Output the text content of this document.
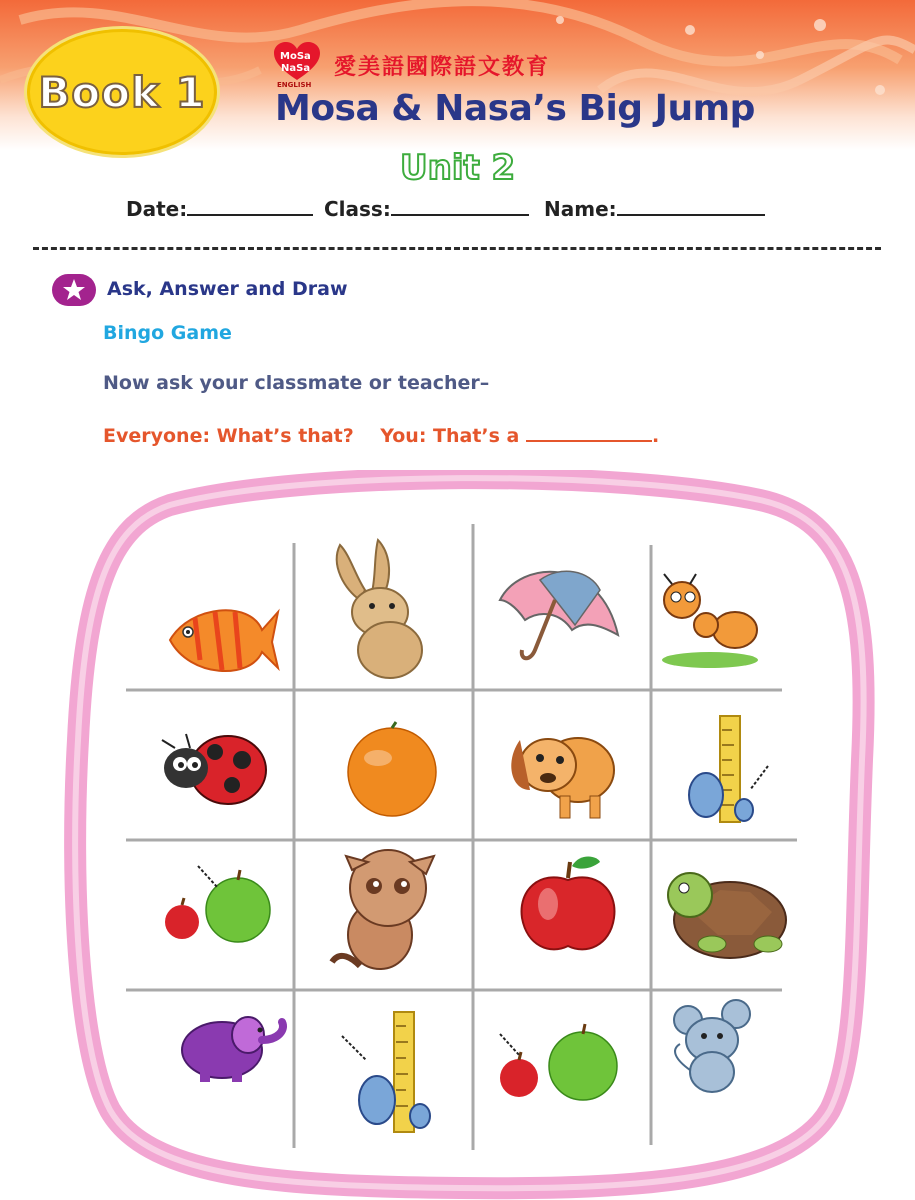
Book 1
MoSa
NaSa
ENGLISH
愛美語國際語文教育
Mosa & Nasa’s Big Jump
Unit 2
Date:	Class:	Name:
Ask, Answer and Draw
Bingo Game
Now ask your classmate or teacher–
Everyone: What’s that? You: That’s a	.
